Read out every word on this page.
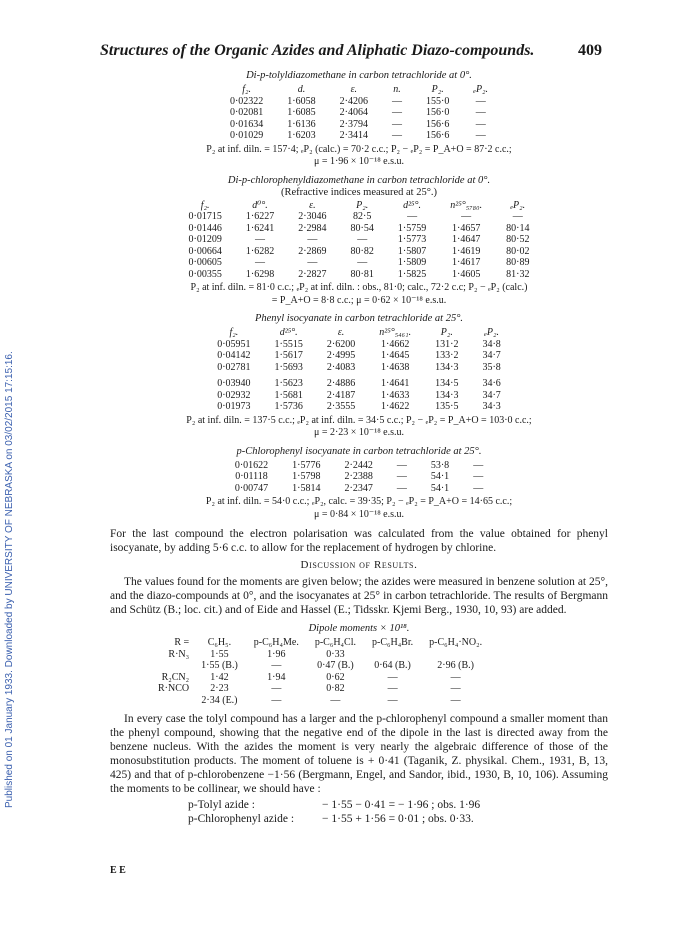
Published on 01 January 1933. Downloaded by UNIVERSITY OF NEBRASKA on 03/02/2015 17:15:16.
Structures of the Organic Azides and Aliphatic Diazo-compounds.	409
Di-p-tolyldiazomethane in carbon tetrachloride at 0°.
f₂.	d.	ε.	n.	P₂.	ₑP₂.
0·02322	1·6058	2·4206	—	155·0	—
0·02081	1·6085	2·4064	—	156·0	—
0·01634	1·6136	2·3794	—	156·6	—
0·01029	1·6203	2·3414	—	156·6	—
P₂ at inf. diln. = 157·4; ₑP₂ (calc.) = 70·2 c.c.; P₂ − ₑP₂ = P_A+O = 87·2 c.c.;
μ = 1·96 × 10⁻¹⁸ e.s.u.
Di-p-chlorophenyldiazomethane in carbon tetrachloride at 0°.
(Refractive indices measured at 25°.)
f₂.	d⁰°.	ε.	P₂.	d²⁵°.	n²⁵°₅₇₈₀.	ₑP₂.
0·01715	1·6227	2·3046	82·5	—	—	—
0·01446	1·6241	2·2984	80·54	1·5759	1·4657	80·14
0·01209	—	—	—	1·5773	1·4647	80·52
0·00664	1·6282	2·2869	80·82	1·5807	1·4619	80·02
0·00605	—	—	—	1·5809	1·4617	80·89
0·00355	1·6298	2·2827	80·81	1·5825	1·4605	81·32
P₂ at inf. diln. = 81·0 c.c.; ₑP₂ at inf. diln. : obs., 81·0; calc., 72·2 c.c; P₂ − ₑP₂ (calc.)
= P_A+O = 8·8 c.c.; μ = 0·62 × 10⁻¹⁸ e.s.u.
Phenyl isocyanate in carbon tetrachloride at 25°.
f₂.	d²⁵°.	ε.	n²⁵°₅₄₆₁.	P₂.	ₑP₂.
0·05951	1·5515	2·6200	1·4662	131·2	34·8
0·04142	1·5617	2·4995	1·4645	133·2	34·7
0·02781	1·5693	2·4083	1·4638	134·3	35·8
0·03940	1·5623	2·4886	1·4641	134·5	34·6
0·02932	1·5681	2·4187	1·4633	134·3	34·7
0·01973	1·5736	2·3555	1·4622	135·5	34·3
P₂ at inf. diln. = 137·5 c.c.; ₑP₂ at inf. diln. = 34·5 c.c.; P₂ − ₑP₂ = P_A+O = 103·0 c.c.;
μ = 2·23 × 10⁻¹⁸ e.s.u.
p-Chlorophenyl isocyanate in carbon tetrachloride at 25°.
0·01622	1·5776	2·2442	—	53·8	—
0·01118	1·5798	2·2388	—	54·1	—
0·00747	1·5814	2·2347	—	54·1	—
P₂ at inf. diln. = 54·0 c.c.; ₑP₂, calc. = 39·35; P₂ − ₑP₂ = P_A+O = 14·65 c.c.;
μ = 0·84 × 10⁻¹⁸ e.s.u.

For the last compound the electron polarisation was calculated from the value obtained for phenyl isocyanate, by adding 5·6 c.c. to allow for the replacement of hydrogen by chlorine.

Discussion of Results.

The values found for the moments are given below; the azides were measured in benzene solution at 25°, and the diazo-compounds at 0°, and the isocyanates at 25° in carbon tetrachloride. The results of Bergmann and Schütz (B.; loc. cit.) and of Eide and Hassel (E.; Tidsskr. Kjemi Berg., 1930, 10, 93) are added.

Dipole moments × 10¹⁸.
R =	C₆H₅.	p-C₆H₄Me.	p-C₆H₄Cl.	p-C₆H₄Br.	p-C₆H₄·NO₂.
R·N₃	1·55	1·96	0·33		
	1·55 (B.)	—	0·47 (B.)	0·64 (B.)	2·96 (B.)
R₂CN₂	1·42	1·94	0·62	—	—
R·NCO	2·23	—	0·82	—	—
	2·34 (E.)	—	—	—	—

In every case the tolyl compound has a larger and the p-chlorophenyl compound a smaller moment than the phenyl compound, showing that the negative end of the dipole in the last is directed away from the benzene nucleus. With the azides the moment is very nearly the algebraic difference of those of the monosubstitution products. The moment of toluene is + 0·41 (Taganik, Z. physikal. Chem., 1931, B, 13, 425) and that of p-chlorobenzene −1·56 (Bergmann, Engel, and Sandor, ibid., 1930, B, 10, 106). Assuming the moments to be collinear, we should have :

p-Tolyl azide :	− 1·55 − 0·41 = − 1·96 ; obs. 1·96
p-Chlorophenyl azide :	− 1·55 + 1·56 = 0·01 ; obs. 0·33.
E E
